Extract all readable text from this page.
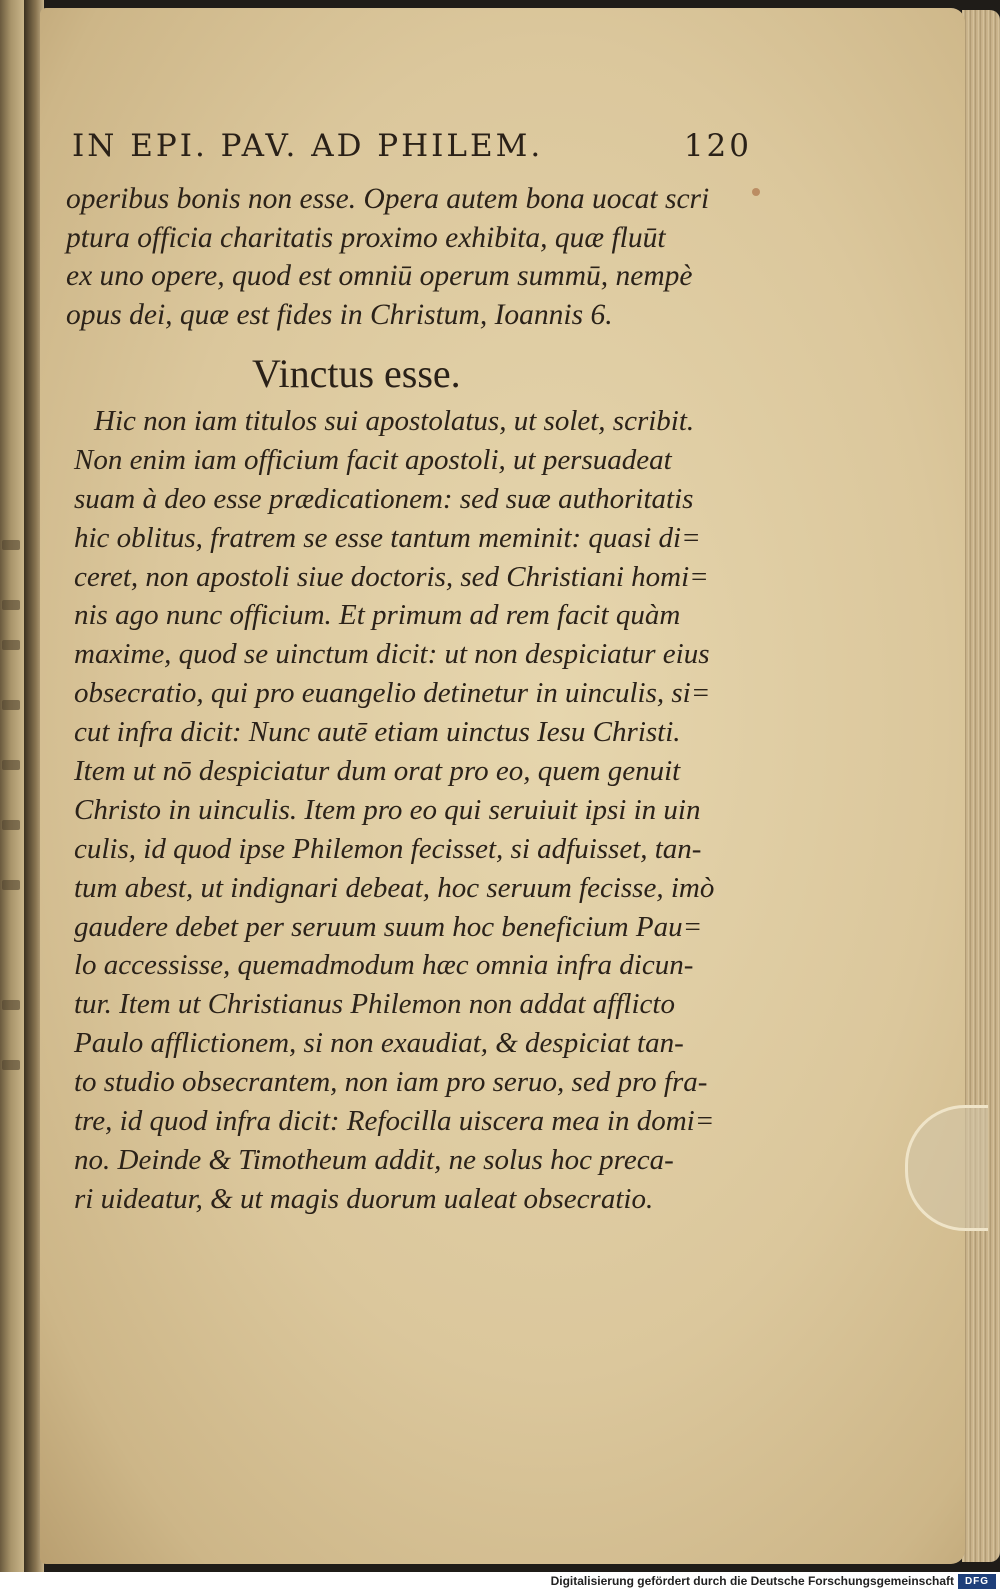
IN EPI. PAV. AD PHILEM.	120
operibus bonis non esse. Opera autem bona uocat scri
ptura officia charitatis proximo exhibita, quæ fluūt
ex uno opere, quod est omniū operum summū, nempè
opus dei, quæ est fides in Christum, Ioannis 6.
Vinctus esse.
Hic non iam titulos sui apostolatus, ut solet, scribit.
Non enim iam officium facit apostoli, ut persuadeat
suam à deo esse prædicationem: sed suæ authoritatis
hic oblitus, fratrem se esse tantum meminit: quasi di=
ceret, non apostoli siue doctoris, sed Christiani homi=
nis ago nunc officium. Et primum ad rem facit quàm
maxime, quod se uinctum dicit: ut non despiciatur eius
obsecratio, qui pro euangelio detinetur in uinculis, si=
cut infra dicit: Nunc autē etiam uinctus Iesu Christi.
Item ut nō despiciatur dum orat pro eo, quem genuit
Christo in uinculis. Item pro eo qui seruiuit ipsi in uin
culis, id quod ipse Philemon fecisset, si adfuisset, tan-
tum abest, ut indignari debeat, hoc seruum fecisse, imò
gaudere debet per seruum suum hoc beneficium Pau=
lo accessisse, quemadmodum hæc omnia infra dicun-
tur. Item ut Christianus Philemon non addat afflicto
Paulo afflictionem, si non exaudiat, & despiciat tan-
to studio obsecrantem, non iam pro seruo, sed pro fra-
tre, id quod infra dicit: Refocilla uiscera mea in domi=
no. Deinde & Timotheum addit, ne solus hoc preca-
ri uideatur, & ut magis duorum ualeat obsecratio.
Digitalisierung gefördert durch die Deutsche Forschungsgemeinschaft	DFG
